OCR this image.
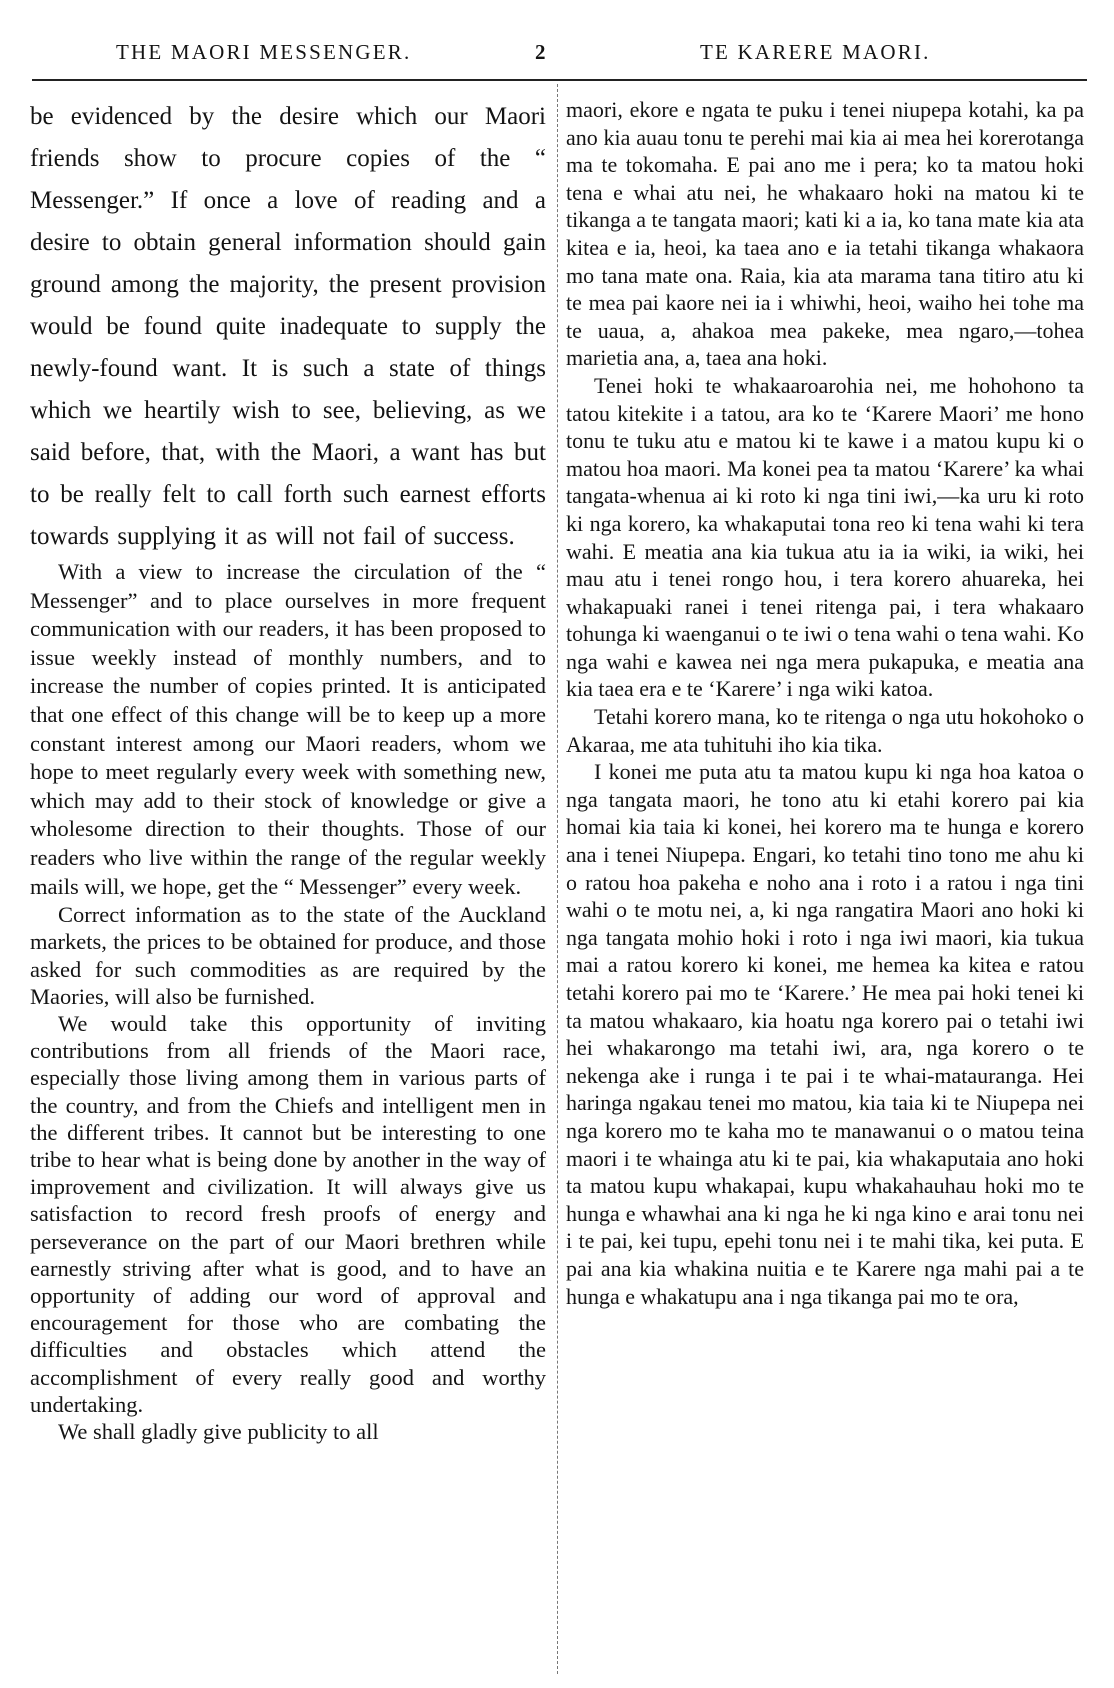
THE MAORI MESSENGER.	2	TE KARERE MAORI.

be evidenced by the desire which our Maori friends show to procure copies of the “ Messenger.” If once a love of reading and a desire to obtain general information should gain ground among the majority, the present provision would be found quite inadequate to supply the newly-found want. It is such a state of things which we heartily wish to see, believing, as we said before, that, with the Maori, a want has but to be really felt to call forth such earnest efforts towards supplying it as will not fail of success.

With a view to increase the circulation of the “ Messenger” and to place ourselves in more frequent communication with our readers, it has been proposed to issue weekly instead of monthly numbers, and to increase the number of copies printed. It is anticipated that one effect of this change will be to keep up a more constant interest among our Maori readers, whom we hope to meet regularly every week with something new, which may add to their stock of knowledge or give a wholesome direction to their thoughts. Those of our readers who live within the range of the regular weekly mails will, we hope, get the “ Messenger” every week.

Correct information as to the state of the Auckland markets, the prices to be obtained for produce, and those asked for such commodities as are required by the Maories, will also be furnished.

We would take this opportunity of inviting contributions from all friends of the Maori race, especially those living among them in various parts of the country, and from the Chiefs and intelligent men in the different tribes. It cannot but be interesting to one tribe to hear what is being done by another in the way of improvement and civilization. It will always give us satisfaction to record fresh proofs of energy and perseverance on the part of our Maori brethren while earnestly striving after what is good, and to have an opportunity of adding our word of approval and encouragement for those who are combating the difficulties and obstacles which attend the accomplishment of every really good and worthy undertaking.

We shall gladly give publicity to all

maori, ekore e ngata te puku i tenei niupepa kotahi, ka pa ano kia auau tonu te perehi mai kia ai mea hei korerotanga ma te tokomaha. E pai ano me i pera; ko ta matou hoki tena e whai atu nei, he whakaaro hoki na matou ki te tikanga a te tangata maori; kati ki a ia, ko tana mate kia ata kitea e ia, heoi, ka taea ano e ia tetahi tikanga whakaora mo tana mate ona. Raia, kia ata marama tana titiro atu ki te mea pai kaore nei ia i whiwhi, heoi, waiho hei tohe ma te uaua, a, ahakoa mea pakeke, mea ngaro,—tohea marietia ana, a, taea ana hoki.

Tenei hoki te whakaaroarohia nei, me hohohono ta tatou kitekite i a tatou, ara ko te ‘Karere Maori’ me hono tonu te tuku atu e matou ki te kawe i a matou kupu ki o matou hoa maori. Ma konei pea ta matou ‘Karere’ ka whai tangata-whenua ai ki roto ki nga tini iwi,—ka uru ki roto ki nga korero, ka whakaputai tona reo ki tena wahi ki tera wahi. E meatia ana kia tukua atu ia ia wiki, ia wiki, hei mau atu i tenei rongo hou, i tera korero ahuareka, hei whakapuaki ranei i tenei ritenga pai, i tera whakaaro tohunga ki waenganui o te iwi o tena wahi o tena wahi. Ko nga wahi e kawea nei nga mera pukapuka, e meatia ana kia taea era e te ‘Karere’ i nga wiki katoa.

Tetahi korero mana, ko te ritenga o nga utu hokohoko o Akaraa, me ata tuhituhi iho kia tika.

I konei me puta atu ta matou kupu ki nga hoa katoa o nga tangata maori, he tono atu ki etahi korero pai kia homai kia taia ki konei, hei korero ma te hunga e korero ana i tenei Niupepa. Engari, ko tetahi tino tono me ahu ki o ratou hoa pakeha e noho ana i roto i a ratou i nga tini wahi o te motu nei, a, ki nga rangatira Maori ano hoki ki nga tangata mohio hoki i roto i nga iwi maori, kia tukua mai a ratou korero ki konei, me hemea ka kitea e ratou tetahi korero pai mo te ‘Karere.’ He mea pai hoki tenei ki ta matou whakaaro, kia hoatu nga korero pai o tetahi iwi hei whakarongo ma tetahi iwi, ara, nga korero o te nekenga ake i runga i te pai i te whai-matauranga. Hei haringa ngakau tenei mo matou, kia taia ki te Niupepa nei nga korero mo te kaha mo te manawanui o o matou teina maori i te whainga atu ki te pai, kia whakaputaia ano hoki ta matou kupu whakapai, kupu whakahauhau hoki mo te hunga e whawhai ana ki nga he ki nga kino e arai tonu nei i te pai, kei tupu, epehi tonu nei i te mahi tika, kei puta. E pai ana kia whakina nuitia e te Karere nga mahi pai a te hunga e whakatupu ana i nga tikanga pai mo te ora,
